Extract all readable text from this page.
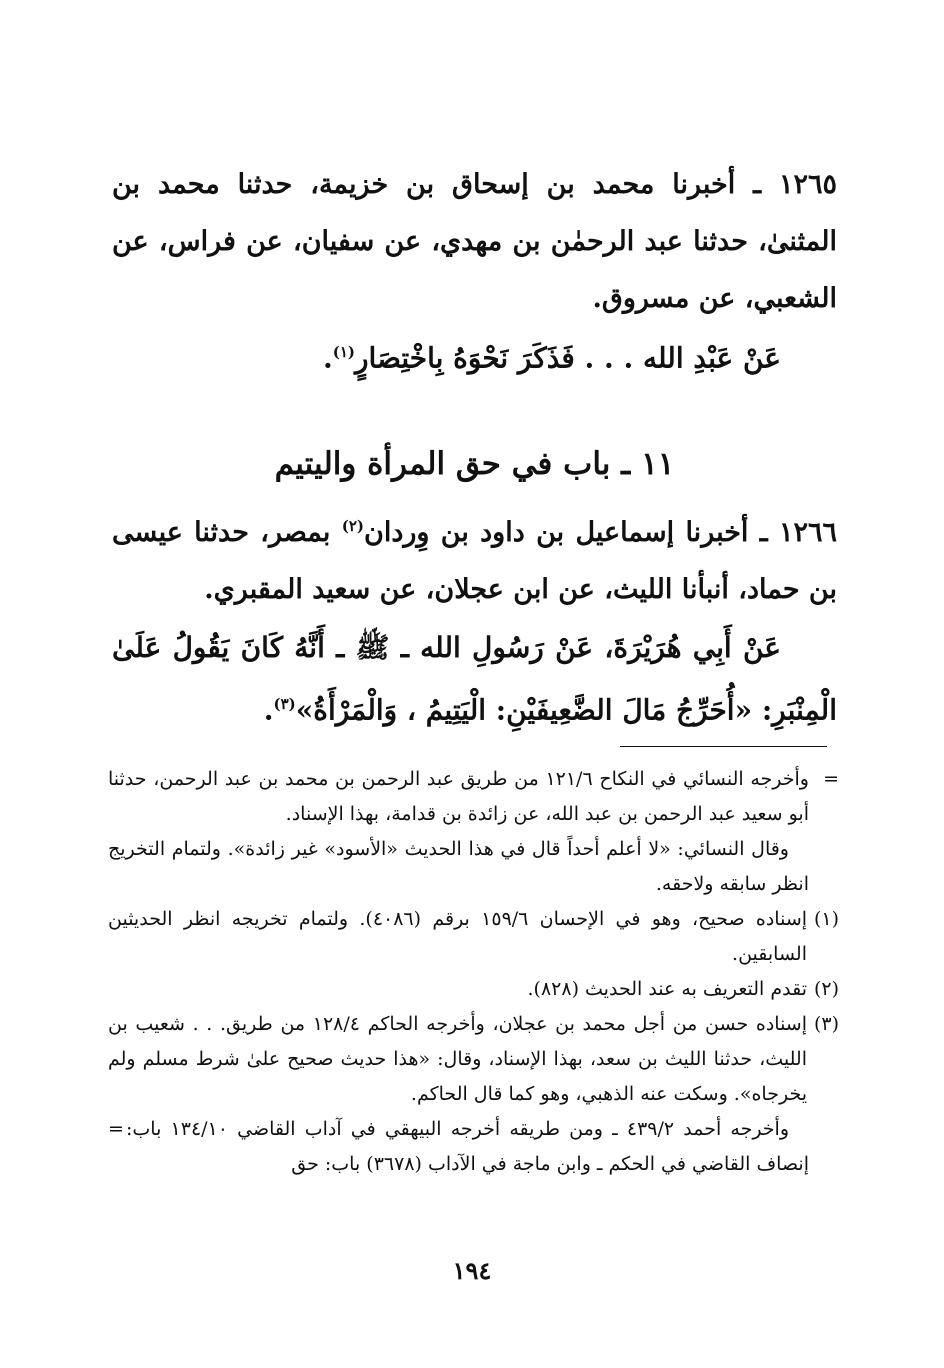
١٢٦٥ ـ أخبرنا محمد بن إسحاق بن خزيمة، حدثنا محمد بن المثنىٰ، حدثنا عبد الرحمٰن بن مهدي، عن سفيان، عن فراس، عن الشعبي، عن مسروق.

عَنْ عَبْدِ الله . . . فَذَكَرَ نَحْوَهُ بِاخْتِصَارٍ$^{(١)}$.

١١ ـ باب في حق المرأة واليتيم

١٢٦٦ ـ أخبرنا إسماعيل بن داود بن وِردان$^{(٢)}$ بمصر، حدثنا عيسى بن حماد، أنبأنا الليث، عن ابن عجلان، عن سعيد المقبري.

عَنْ أَبِي هُرَيْرَةَ، عَنْ رَسُولِ الله ـ ﷺ ـ أَنَّهُ كَانَ يَقُولُ عَلَىٰ الْمِنْبَرِ: «أُحَرِّجُ مَالَ الضَّعِيفَيْنِ: الْيَتِيمُ ، وَالْمَرْأَةُ»$^{(٣)}$.

=
وأخرجه النسائي في النكاح ١٢١/٦ من طريق عبد الرحمن بن محمد بن عبد الرحمن، حدثنا أبو سعيد عبد الرحمن بن عبد الله، عن زائدة بن قدامة، بهذا الإسناد.

وقال النسائي: «لا أعلم أحداً قال في هذا الحديث «الأسود» غير زائدة». ولتمام التخريج انظر سابقه ولاحقه.

(١)
إسناده صحيح، وهو في الإحسان ١٥٩/٦ برقم (٤٠٨٦). ولتمام تخريجه انظر الحديثين السابقين.

(٢)
تقدم التعريف به عند الحديث (٨٢٨).

(٣)
إسناده حسن من أجل محمد بن عجلان، وأخرجه الحاكم ١٢٨/٤ من طريق. . . شعيب بن الليث، حدثنا الليث بن سعد، بهذا الإسناد، وقال: «هذا حديث صحيح علىٰ شرط مسلم ولم يخرجاه». وسكت عنه الذهبي، وهو كما قال الحاكم.

وأخرجه أحمد ٤٣٩/٢ ـ ومن طريقه أخرجه البيهقي في آداب القاضي ١٣٤/١٠ باب: إنصاف القاضي في الحكم ـ وابن ماجة في الآداب (٣٦٧٨) باب: حق
=

١٩٤
